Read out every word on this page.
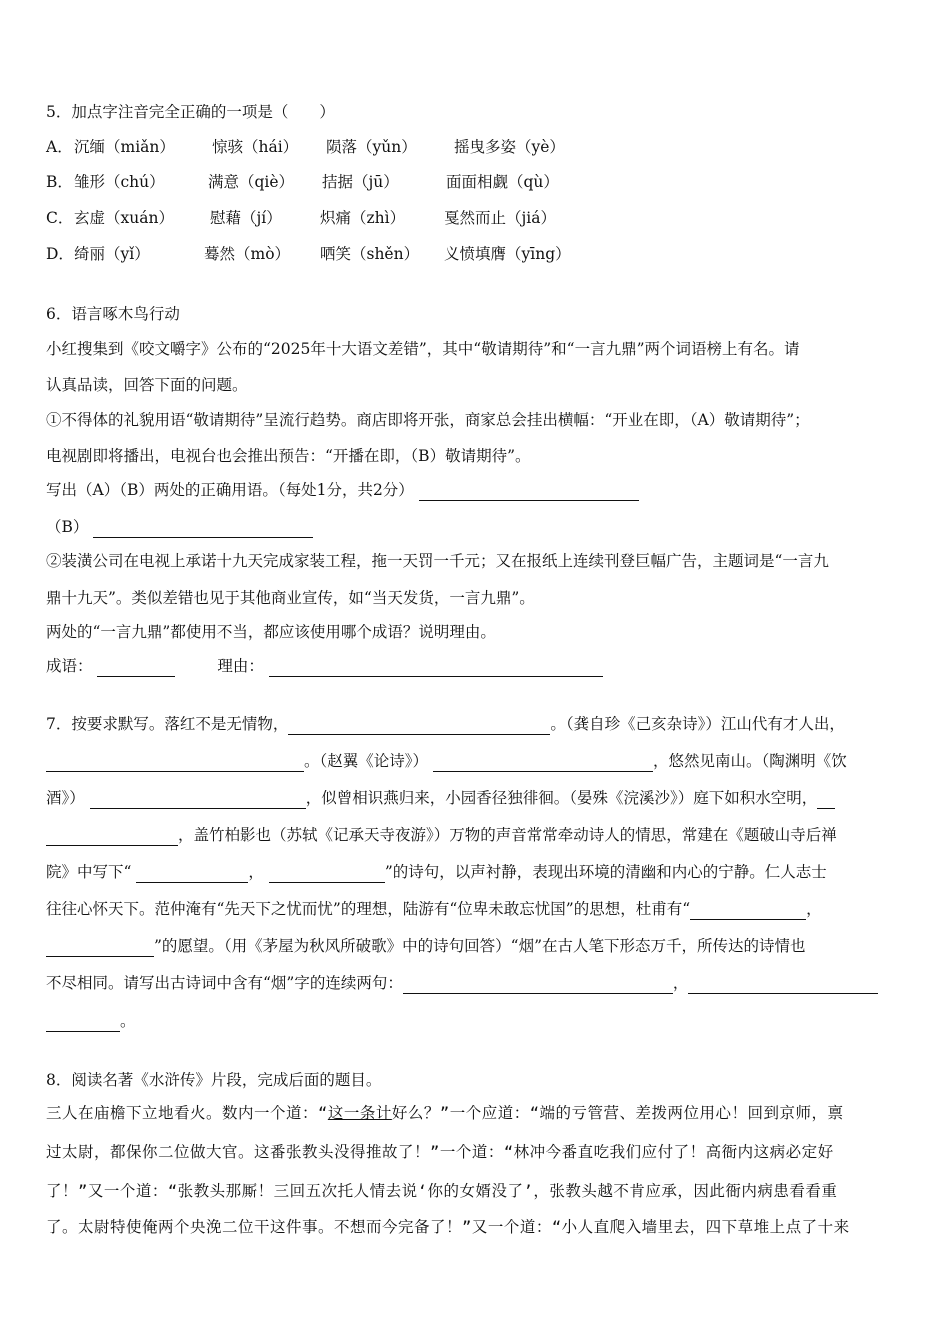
5．加点字注音完全正确的一项是（　　）
A． 沉缅（miǎn） 惊骇（hái） 陨落（yǔn） 摇曳多姿（yè）
B． 雏形（chú）	满意（qiè） 拮据（jū）	面面相觑（qù）
C． 玄虚（xuán） 慰藉（jí） 炽痛（zhì）	戛然而止（jiá）
D． 绮丽（yǐ）	蓦然（mò） 哂笑（shěn） 义愤填膺（yīng）
6．语言啄木鸟行动
小红搜集到《咬文嚼字》公布的“2025年十大语文差错”，其中“敬请期待”和“一言九鼎”两个词语榜上有名。请
认真品读，回答下面的问题。
①不得体的礼貌用语“敬请期待”呈流行趋势。商店即将开张，商家总会挂出横幅：“开业在即，（A）敬请期待”；
电视剧即将播出，电视台也会推出预告：“开播在即，（B）敬请期待”。
写出（A）（B）两处的正确用语。（每处1分，共2分）
（B）
②装潢公司在电视上承诺十九天完成家装工程，拖一天罚一千元；又在报纸上连续刊登巨幅广告，主题词是“一言九
鼎十九天”。类似差错也见于其他商业宣传，如“当天发货，一言九鼎”。
两处的“一言九鼎”都使用不当，都应该使用哪个成语？说明理由。
成语：	理由：
7．按要求默写。落红不是无情物，	。（龚自珍《己亥杂诗》）江山代有才人出，
。（赵翼《论诗》）	，悠然见南山。（陶渊明《饮
酒》）	，似曾相识燕归来，小园香径独徘徊。（晏殊《浣溪沙》）庭下如积水空明，
，盖竹柏影也（苏轼《记承天寺夜游》）万物的声音常常牵动诗人的情思，常建在《题破山寺后禅
院》中写下“	，	”的诗句，以声衬静，表现出环境的清幽和内心的宁静。仁人志士
往往心怀天下。范仲淹有“先天下之忧而忧”的理想，陆游有“位卑未敢忘忧国”的思想，杜甫有“	，
”的愿望。（用《茅屋为秋风所破歌》中的诗句回答）“烟”在古人笔下形态万千，所传达的诗情也
不尽相同。请写出古诗词中含有“烟”字的连续两句：	，
。
8．阅读名著《水浒传》片段，完成后面的题目。
三人在庙檐下立地看火。数内一个道：“这一条计好么？”一个应道：“端的亏管营、差拨两位用心！回到京师，禀
过太尉，都保你二位做大官。这番张教头没得推故了！”一个道：“林冲今番直吃我们应付了！高衙内这病必定好
了！”又一个道：“张教头那厮！三回五次托人情去说‘你的女婿没了’，张教头越不肯应承，因此衙内病患看看重
了。太尉特使俺两个央浼二位干这件事。不想而今完备了！”又一个道：“小人直爬入墙里去，四下草堆上点了十来
